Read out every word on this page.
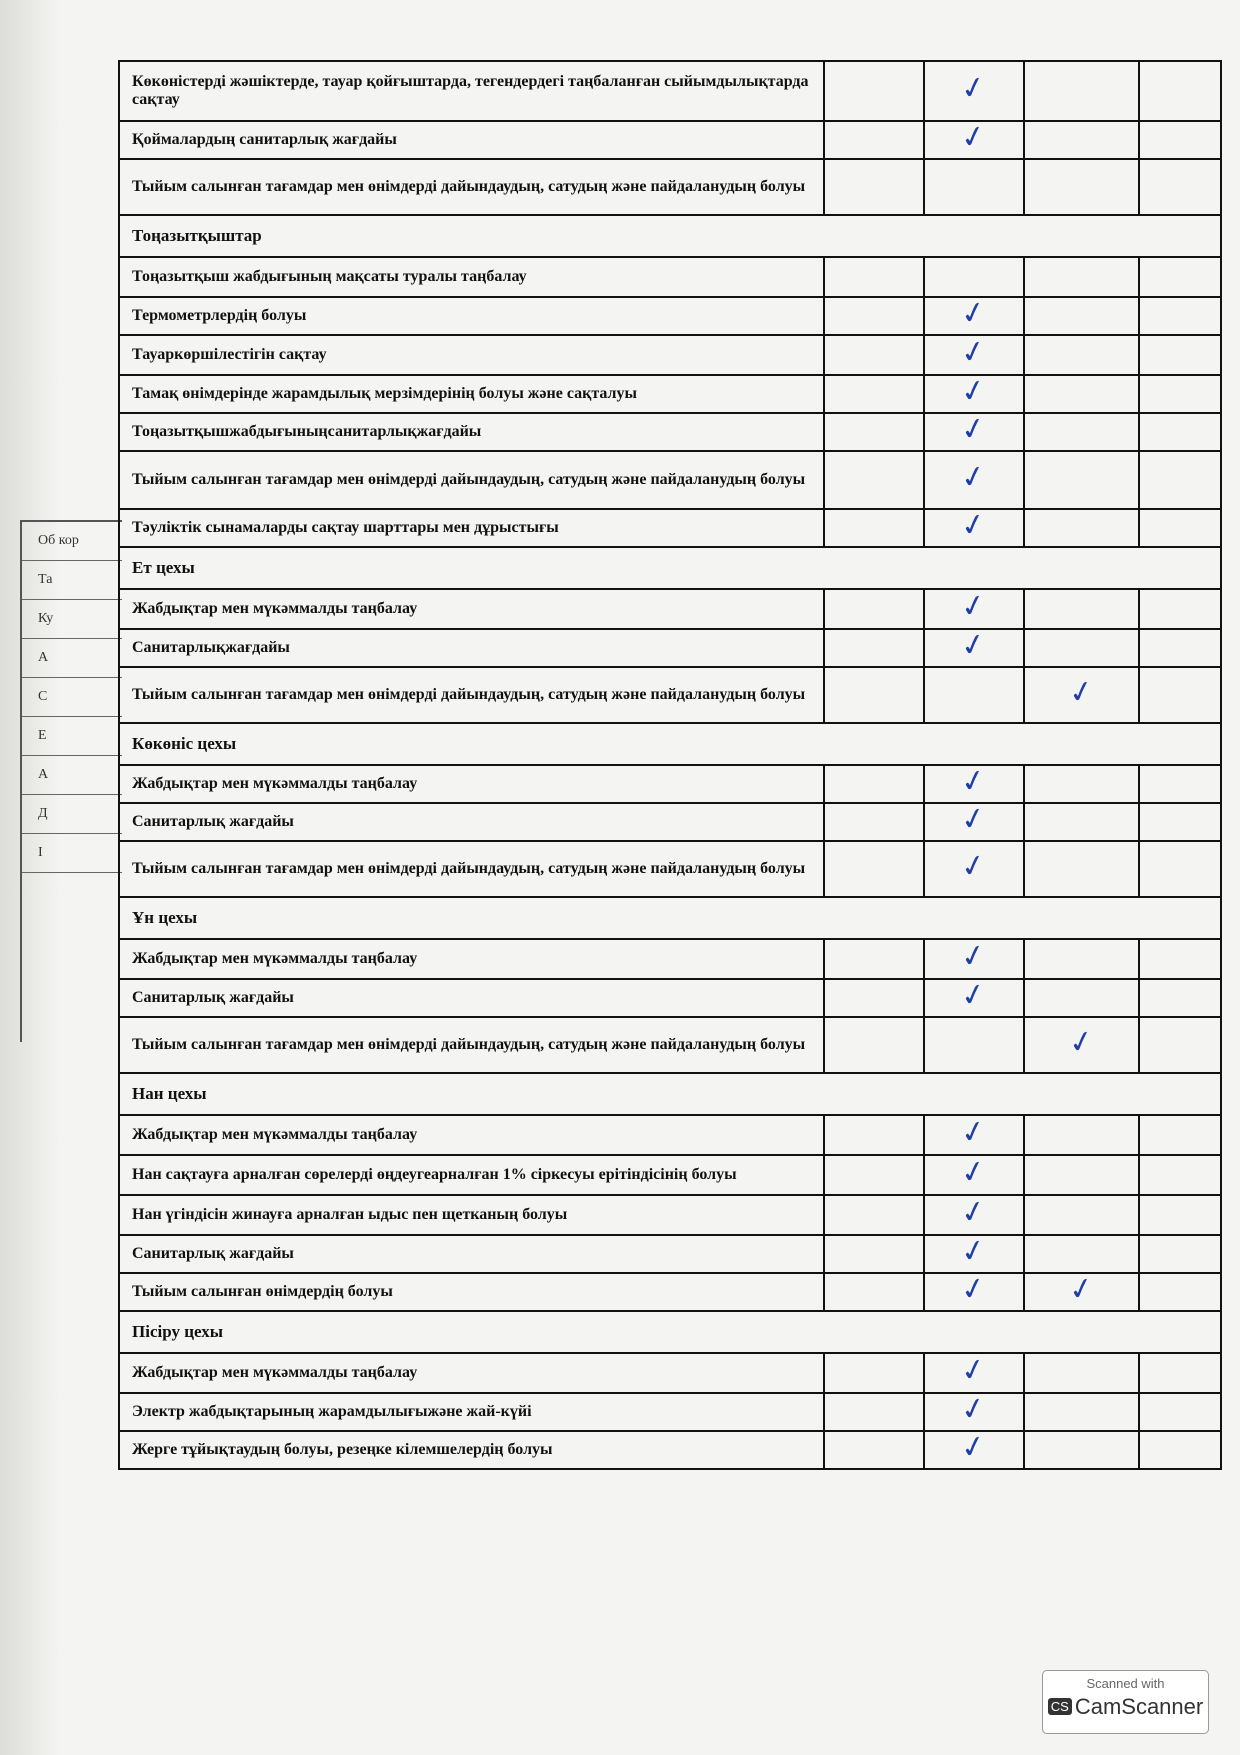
Об кор
Та
Ку
А
С
Е
А
Д
І
Көкөністерді жәшіктерде, тауар қойғыштарда, тегендердегі таңбаланған сыйымдылықтарда сақтау		✓		
Қоймалардың санитарлық жағдайы		✓		
Тыйым салынған тағамдар мен өнімдерді дайындаудың, сатудың және пайдаланудың болуы				
Тоңазытқыштар				
Тоңазытқыш жабдығының мақсаты туралы таңбалау				
Термометрлердің болуы		✓		
Тауаркөршілестігін сақтау		✓		
Тамақ өнімдерінде жарамдылық мерзімдерінің болуы және сақталуы		✓		
Тоңазытқышжабдығыныңсанитарлықжағдайы		✓		
Тыйым салынған тағамдар мен өнімдерді дайындаудың, сатудың және пайдаланудың болуы		✓		
Тәуліктік сынамаларды сақтау шарттары мен дұрыстығы		✓		
Ет цехы				
Жабдықтар мен мүкәммалды таңбалау		✓		
Санитарлықжағдайы		✓		
Тыйым салынған тағамдар мен өнімдерді дайындаудың, сатудың және пайдаланудың болуы			✓	
Көкөніс цехы				
Жабдықтар мен мүкәммалды таңбалау		✓		
Санитарлық жағдайы		✓		
Тыйым салынған тағамдар мен өнімдерді дайындаудың, сатудың және пайдаланудың болуы		✓		
Ұн цехы				
Жабдықтар мен мүкәммалды таңбалау		✓		
Санитарлық жағдайы		✓		
Тыйым салынған тағамдар мен өнімдерді дайындаудың, сатудың және пайдаланудың болуы			✓	
Нан цехы				
Жабдықтар мен мүкәммалды таңбалау		✓		
Нан сақтауға арналған сөрелерді өңдеугеарналған 1% сіркесуы ерітіндісінің болуы		✓		
Нан үгіндісін жинауға арналған ыдыс пен щетканың болуы		✓		
Санитарлық жағдайы		✓		
Тыйым салынған өнімдердің болуы		✓	✓	
Пісіру цехы				
Жабдықтар мен мүкәммалды таңбалау		✓		
Электр жабдықтарының жарамдылығыжәне жай-күйі		✓		
Жерге тұйықтаудың болуы, резеңке кілемшелердің болуы		✓		
Scanned with
CS CamScanner
